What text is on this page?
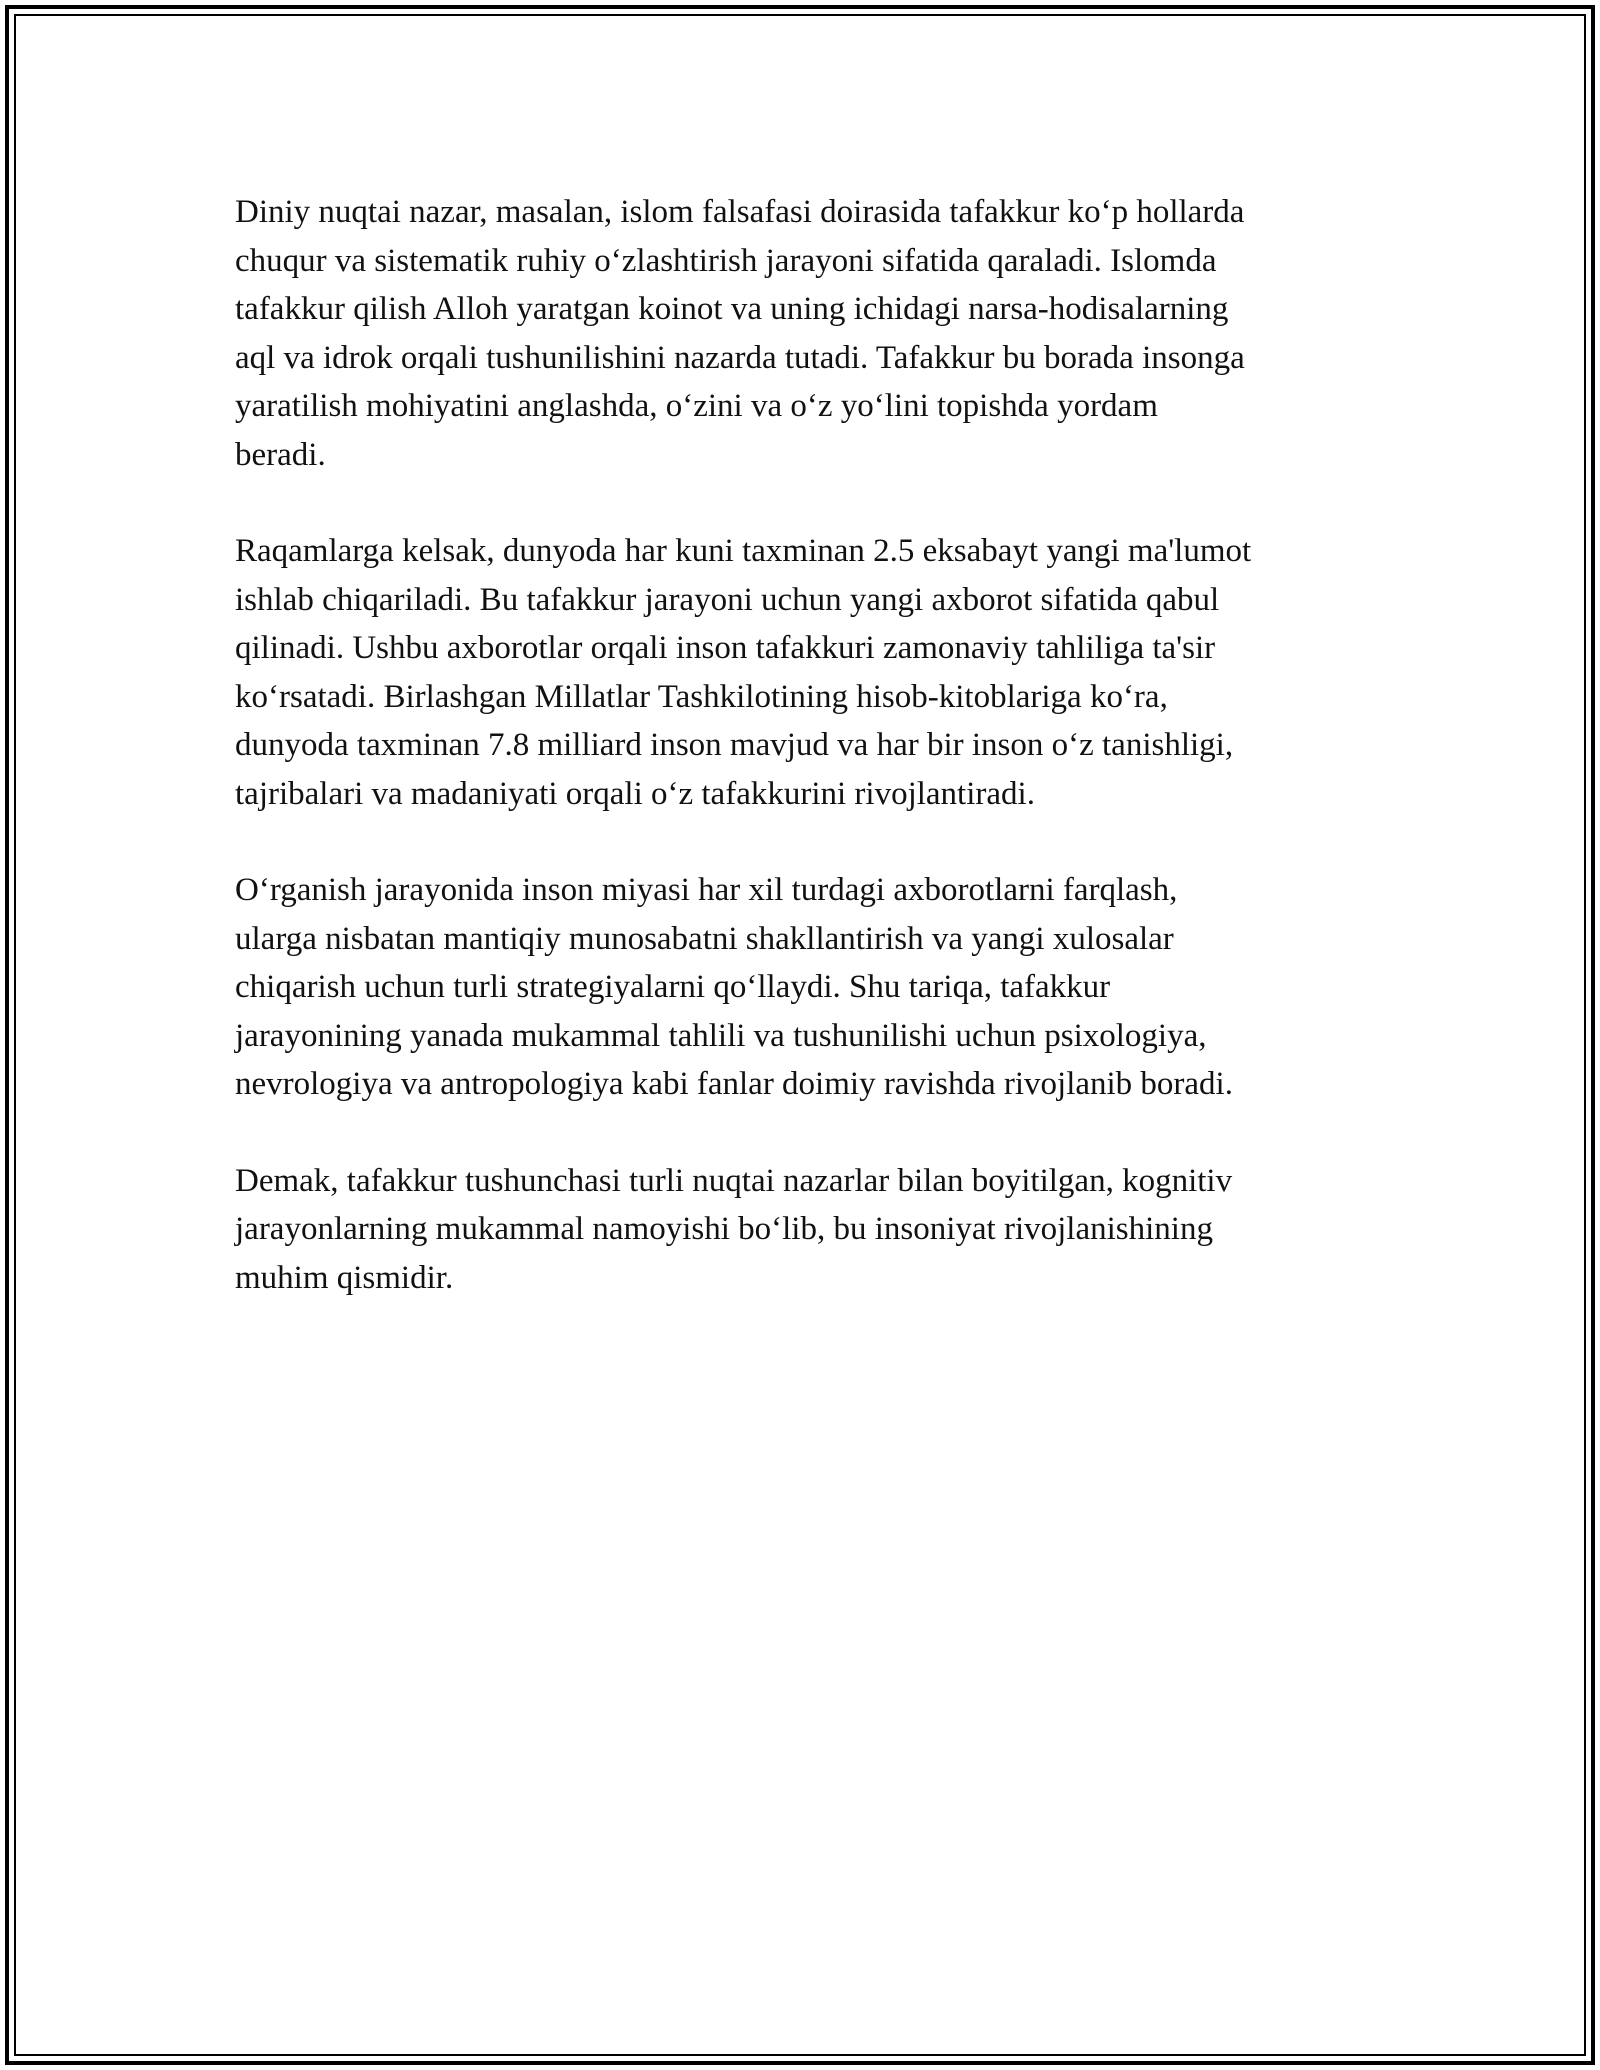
Diniy nuqtai nazar, masalan, islom falsafasi doirasida tafakkur ko‘p hollarda
chuqur va sistematik ruhiy o‘zlashtirish jarayoni sifatida qaraladi. Islomda
tafakkur qilish Alloh yaratgan koinot va uning ichidagi narsa-hodisalarning
aql va idrok orqali tushunilishini nazarda tutadi. Tafakkur bu borada insonga
yaratilish mohiyatini anglashda, o‘zini va o‘z yo‘lini topishda yordam
beradi.

Raqamlarga kelsak, dunyoda har kuni taxminan 2.5 eksabayt yangi ma'lumot
ishlab chiqariladi. Bu tafakkur jarayoni uchun yangi axborot sifatida qabul
qilinadi. Ushbu axborotlar orqali inson tafakkuri zamonaviy tahliliga ta'sir
ko‘rsatadi. Birlashgan Millatlar Tashkilotining hisob-kitoblariga ko‘ra,
dunyoda taxminan 7.8 milliard inson mavjud va har bir inson o‘z tanishligi,
tajribalari va madaniyati orqali o‘z tafakkurini rivojlantiradi.

O‘rganish jarayonida inson miyasi har xil turdagi axborotlarni farqlash,
ularga nisbatan mantiqiy munosabatni shakllantirish va yangi xulosalar
chiqarish uchun turli strategiyalarni qo‘llaydi. Shu tariqa, tafakkur
jarayonining yanada mukammal tahlili va tushunilishi uchun psixologiya,
nevrologiya va antropologiya kabi fanlar doimiy ravishda rivojlanib boradi.

Demak, tafakkur tushunchasi turli nuqtai nazarlar bilan boyitilgan, kognitiv
jarayonlarning mukammal namoyishi bo‘lib, bu insoniyat rivojlanishining
muhim qismidir.
